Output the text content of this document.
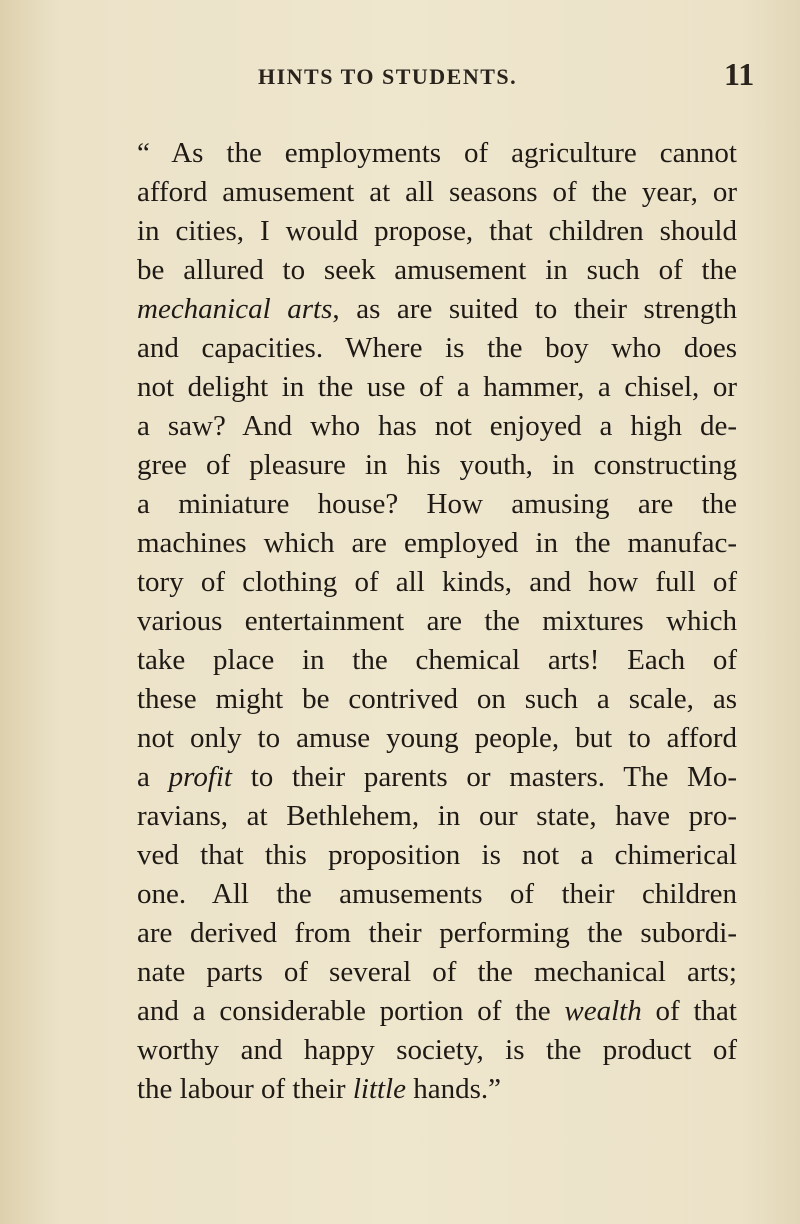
HINTS TO STUDENTS.	11
“ As the employments of agriculture cannot
afford amusement at all seasons of the year, or
in cities, I would propose, that children should
be allured to seek amusement in such of the
mechanical arts, as are suited to their strength
and capacities. Where is the boy who does
not delight in the use of a hammer, a chisel, or
a saw? And who has not enjoyed a high de-
gree of pleasure in his youth, in constructing
a miniature house? How amusing are the
machines which are employed in the manufac-
tory of clothing of all kinds, and how full of
various entertainment are the mixtures which
take place in the chemical arts! Each of
these might be contrived on such a scale, as
not only to amuse young people, but to afford
a profit to their parents or masters. The Mo-
ravians, at Bethlehem, in our state, have pro-
ved that this proposition is not a chimerical
one. All the amusements of their children
are derived from their performing the subordi-
nate parts of several of the mechanical arts;
and a considerable portion of the wealth of that
worthy and happy society, is the product of
the labour of their little hands.”
